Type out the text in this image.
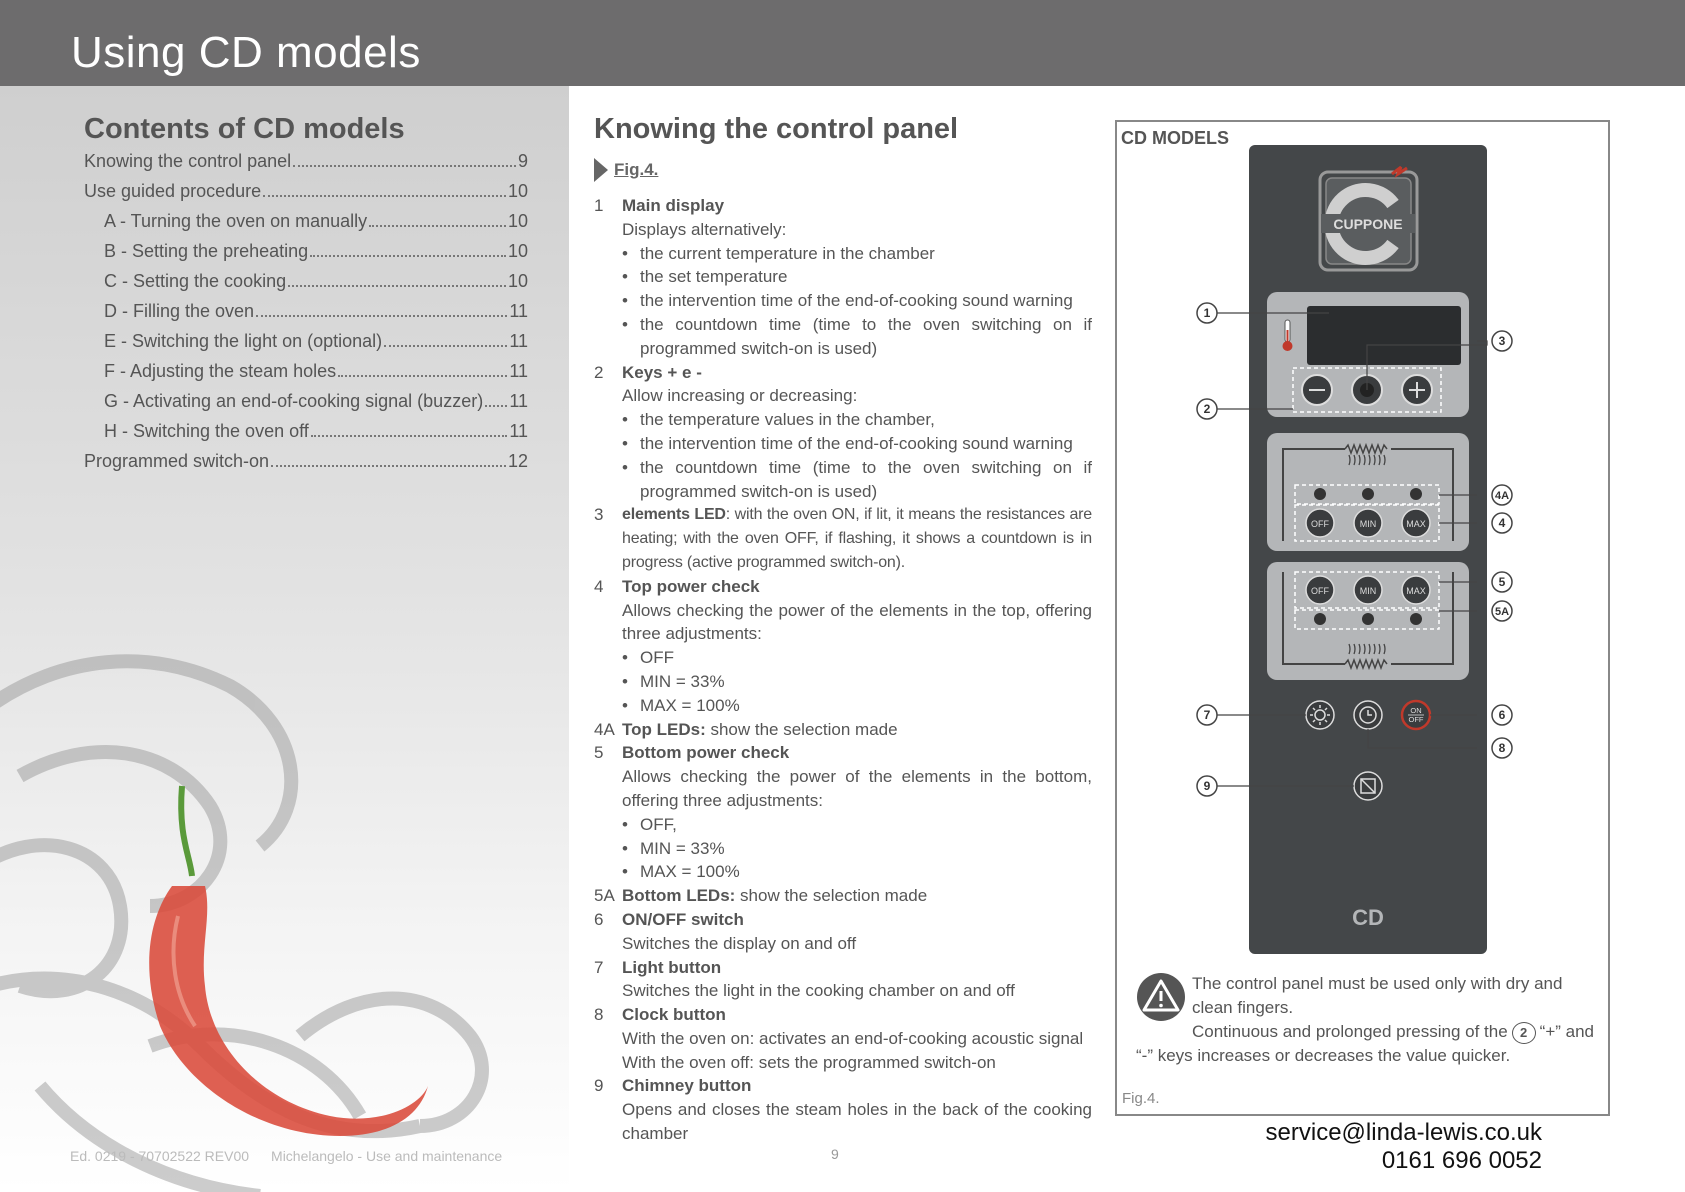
Using CD models
Contents of CD models
Knowing the control panel	9
Use guided procedure	10
A - Turning the oven on manually	10
B - Setting the preheating	10
C - Setting the cooking	10
D - Filling the oven	11
E - Switching the light on (optional)	11
F - Adjusting the steam holes	11
G - Activating an end-of-cooking signal (buzzer) 11
H - Switching the oven off	11
Programmed switch-on	12
Ed. 0219 - 70702522 REV00 Michelangelo - Use and maintenance	9
Knowing the control panel
Fig.4.
1	Main display
Displays alternatively:
• the current temperature in the chamber
• the set temperature
• the intervention time of the end-of-cooking sound warning
• the countdown time (time to the oven switching on if programmed switch-on is used)
2	Keys + e -
Allow increasing or decreasing:
• the temperature values in the chamber,
• the intervention time of the end-of-cooking sound warning
• the countdown time (time to the oven switching on if programmed switch-on is used)
3	elements LED: with the oven ON, if lit, it means the resistances are heating; with the oven OFF, if flashing, it shows a countdown is in progress (active programmed switch-on).
4	Top power check
Allows checking the power of the elements in the top, offering three adjustments:
• OFF
• MIN = 33%
• MAX = 100%
4A Top LEDs: show the selection made
5	Bottom power check
Allows checking the power of the elements in the bottom, offering three adjustments:
• OFF,
• MIN = 33%
• MAX = 100%
5A Bottom LEDs: show the selection made
6	ON/OFF switch
Switches the display on and off
7	Light button
Switches the light in the cooking chamber on and off
8	Clock button
With the oven on: activates an end-of-cooking acoustic signal
With the oven off: sets the programmed switch-on
9	Chimney button
Opens and closes the steam holes in the back of the cooking chamber
CD MODELS
CUPPONE
OFF	MIN	MAX
OFF	MIN	MAX
ON
OFF
CD
1
2
3
4A
4
5
5A
7	6
8
9
The control panel must be used only with dry and clean fingers.
Continuous and prolonged pressing of the 2 “+” and “-” keys increases or decreases the value quicker.
Fig.4.
service@linda-lewis.co.uk
0161 696 0052
